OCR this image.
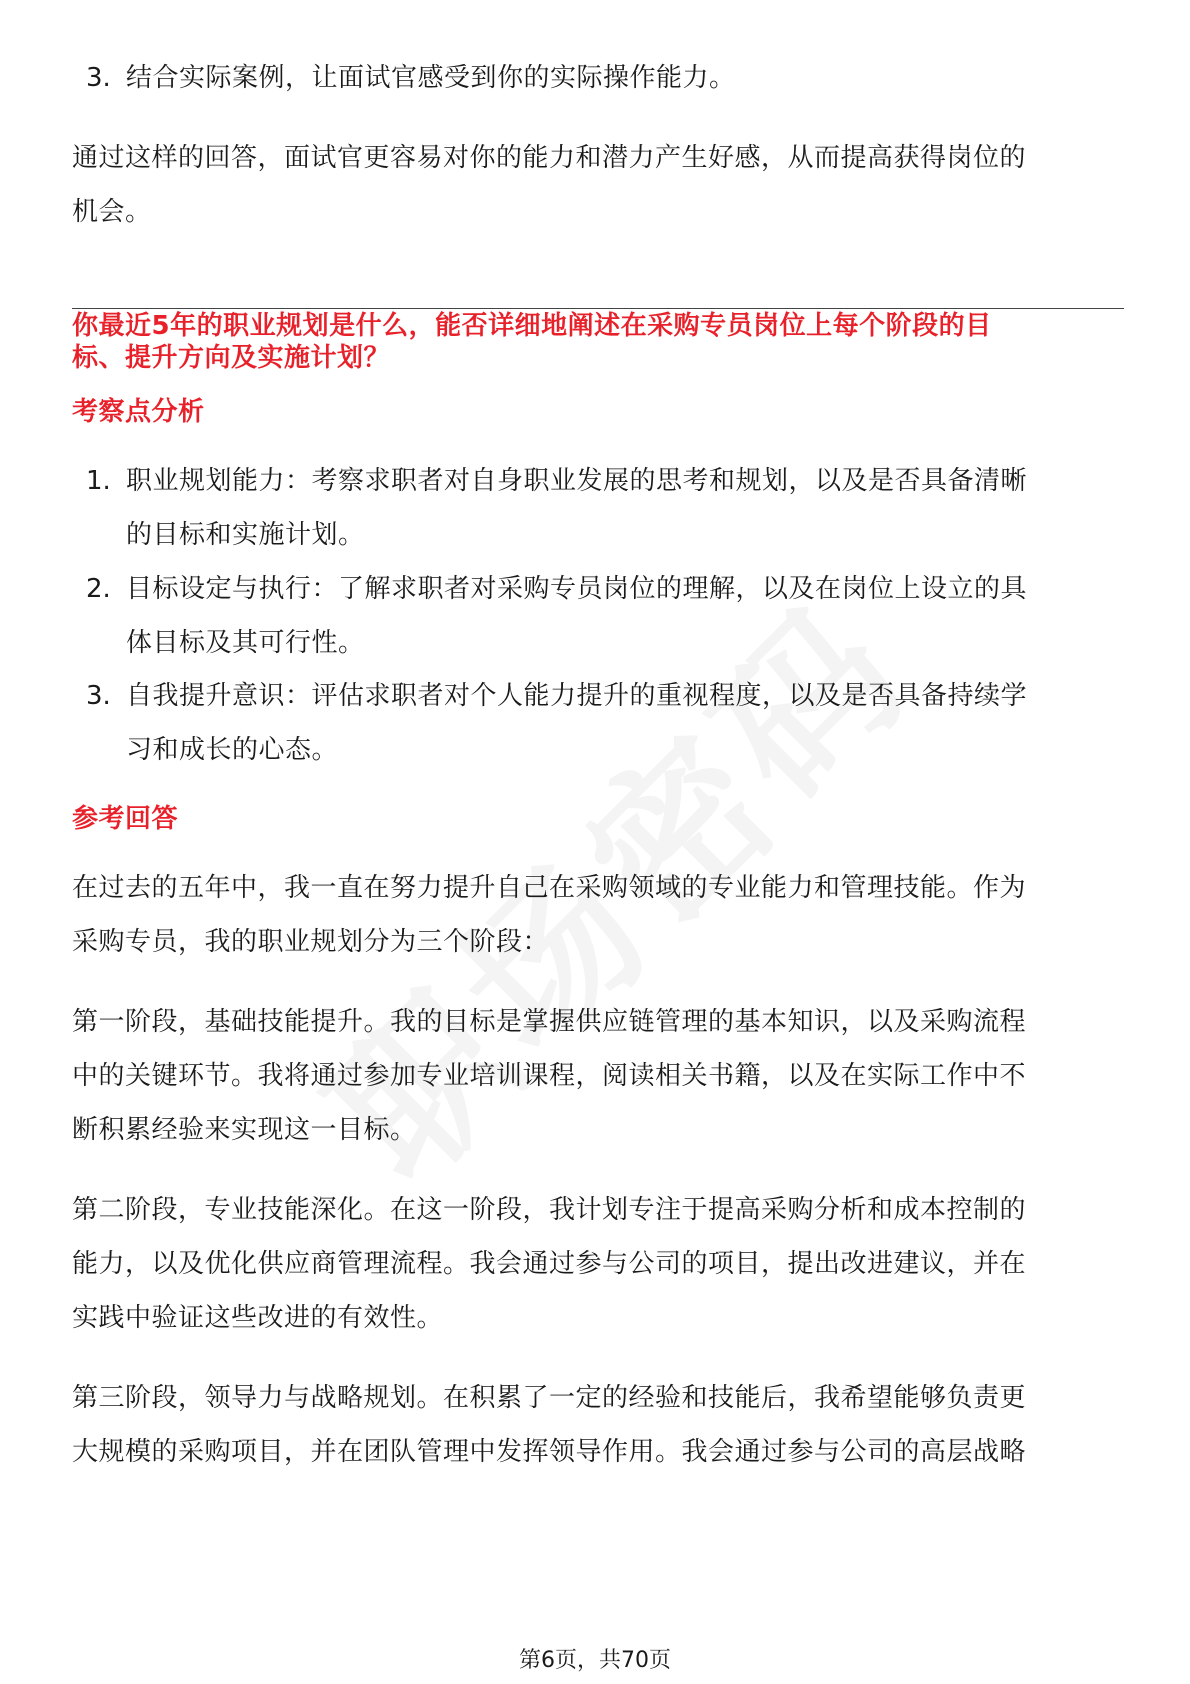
3. 结合实际案例，让面试官感受到你的实际操作能力。
通过这样的回答，面试官更容易对你的能力和潜力产生好感，从而提高获得岗位的
机会。
你最近5年的职业规划是什么，能否详细地阐述在采购专员岗位上每个阶段的目
标、提升方向及实施计划？
考察点分析
1. 职业规划能力：考察求职者对自身职业发展的思考和规划，以及是否具备清晰
的目标和实施计划。
2. 目标设定与执行：了解求职者对采购专员岗位的理解，以及在岗位上设立的具
体目标及其可行性。
3. 自我提升意识：评估求职者对个人能力提升的重视程度，以及是否具备持续学
习和成长的心态。
参考回答
在过去的五年中，我一直在努力提升自己在采购领域的专业能力和管理技能。作为
采购专员，我的职业规划分为三个阶段：
第一阶段，基础技能提升。我的目标是掌握供应链管理的基本知识，以及采购流程
中的关键环节。我将通过参加专业培训课程，阅读相关书籍，以及在实际工作中不
断积累经验来实现这一目标。
第二阶段，专业技能深化。在这一阶段，我计划专注于提高采购分析和成本控制的
能力，以及优化供应商管理流程。我会通过参与公司的项目，提出改进建议，并在
实践中验证这些改进的有效性。
第三阶段，领导力与战略规划。在积累了一定的经验和技能后，我希望能够负责更
大规模的采购项目，并在团队管理中发挥领导作用。我会通过参与公司的高层战略
第6页，共70页
